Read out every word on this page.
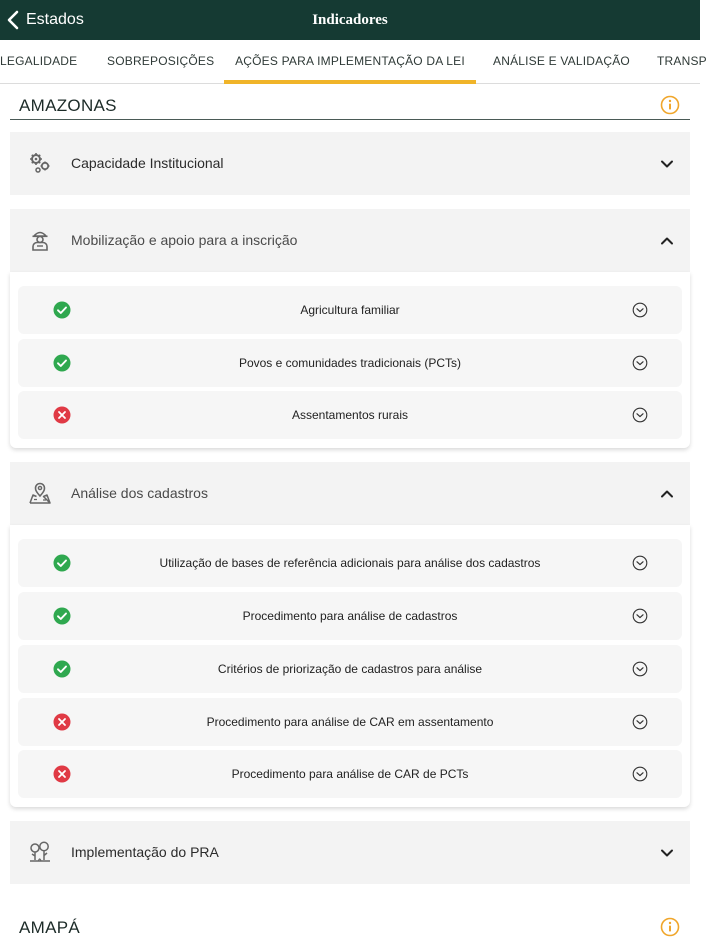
Estados	Indicadores
LEGALIDADE SOBREPOSIÇÕES	AÇÕES PARA IMPLEMENTAÇÃO DA LEI	ANÁLISE E VALIDAÇÃO TRANSP
AMAZONAS
Capacidade Institucional
Mobilização e apoio para a inscrição
Agricultura familiar
Povos e comunidades tradicionais (PCTs)
Assentamentos rurais
Análise dos cadastros
Utilização de bases de referência adicionais para análise dos cadastros
Procedimento para análise de cadastros
Critérios de priorização de cadastros para análise
Procedimento para análise de CAR em assentamento
Procedimento para análise de CAR de PCTs
Implementação do PRA
AMAPÁ
